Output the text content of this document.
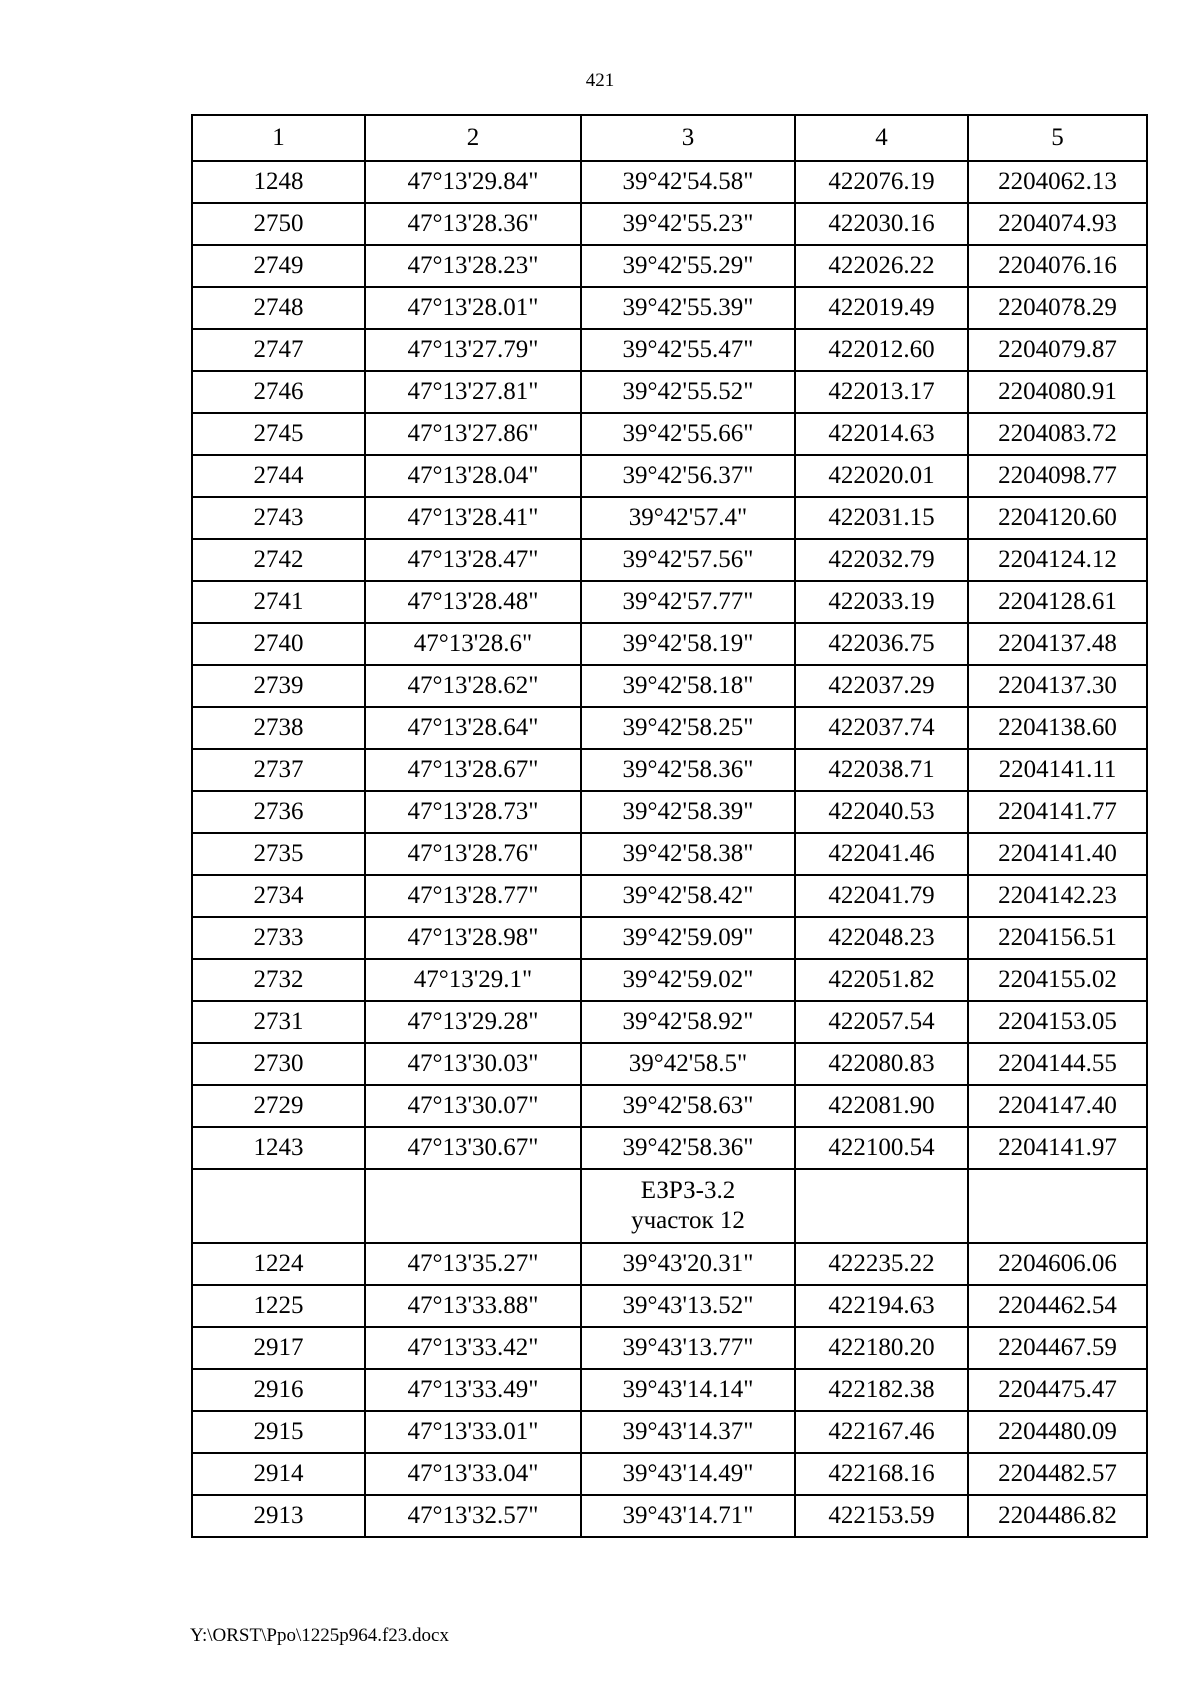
421
1	2	3	4	5
1248	47°13'29.84"	39°42'54.58"	422076.19	2204062.13
2750	47°13'28.36"	39°42'55.23"	422030.16	2204074.93
2749	47°13'28.23"	39°42'55.29"	422026.22	2204076.16
2748	47°13'28.01"	39°42'55.39"	422019.49	2204078.29
2747	47°13'27.79"	39°42'55.47"	422012.60	2204079.87
2746	47°13'27.81"	39°42'55.52"	422013.17	2204080.91
2745	47°13'27.86"	39°42'55.66"	422014.63	2204083.72
2744	47°13'28.04"	39°42'56.37"	422020.01	2204098.77
2743	47°13'28.41"	39°42'57.4"	422031.15	2204120.60
2742	47°13'28.47"	39°42'57.56"	422032.79	2204124.12
2741	47°13'28.48"	39°42'57.77"	422033.19	2204128.61
2740	47°13'28.6"	39°42'58.19"	422036.75	2204137.48
2739	47°13'28.62"	39°42'58.18"	422037.29	2204137.30
2738	47°13'28.64"	39°42'58.25"	422037.74	2204138.60
2737	47°13'28.67"	39°42'58.36"	422038.71	2204141.11
2736	47°13'28.73"	39°42'58.39"	422040.53	2204141.77
2735	47°13'28.76"	39°42'58.38"	422041.46	2204141.40
2734	47°13'28.77"	39°42'58.42"	422041.79	2204142.23
2733	47°13'28.98"	39°42'59.09"	422048.23	2204156.51
2732	47°13'29.1"	39°42'59.02"	422051.82	2204155.02
2731	47°13'29.28"	39°42'58.92"	422057.54	2204153.05
2730	47°13'30.03"	39°42'58.5"	422080.83	2204144.55
2729	47°13'30.07"	39°42'58.63"	422081.90	2204147.40
1243	47°13'30.67"	39°42'58.36"	422100.54	2204141.97

		ЕЗРЗ-3.2
участок 12		

1224	47°13'35.27"	39°43'20.31"	422235.22	2204606.06
1225	47°13'33.88"	39°43'13.52"	422194.63	2204462.54
2917	47°13'33.42"	39°43'13.77"	422180.20	2204467.59
2916	47°13'33.49"	39°43'14.14"	422182.38	2204475.47
2915	47°13'33.01"	39°43'14.37"	422167.46	2204480.09
2914	47°13'33.04"	39°43'14.49"	422168.16	2204482.57
2913	47°13'32.57"	39°43'14.71"	422153.59	2204486.82
Y:\ORST\Ppo\1225p964.f23.docx
